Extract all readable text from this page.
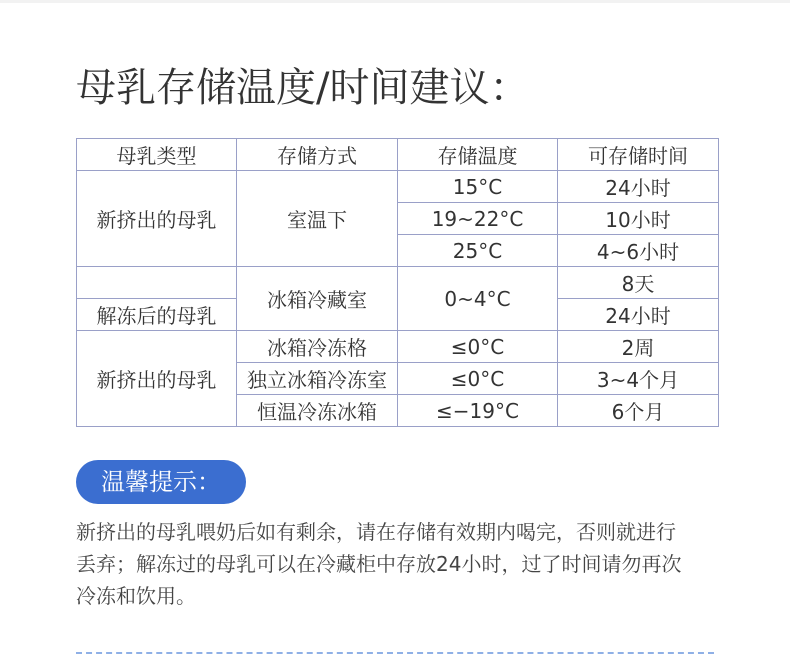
母乳存储温度/时间建议：
母乳类型	存储方式	存储温度	可存储时间
新挤出的母乳	室温下	15°C	24小时
		19~22°C	10小时
		25°C	4~6小时
	冰箱冷藏室	0~4°C	8天
解冻后的母乳			24小时
新挤出的母乳	冰箱冷冻格	≤0°C	2周
	独立冰箱冷冻室	≤0°C	3~4个月
	恒温冷冻冰箱	≤−19°C	6个月
温馨提示：

新挤出的母乳喂奶后如有剩余，请在存储有效期内喝完，否则就进行

丢弃；解冻过的母乳可以在冷藏柜中存放24小时，过了时间请勿再次

冷冻和饮用。
